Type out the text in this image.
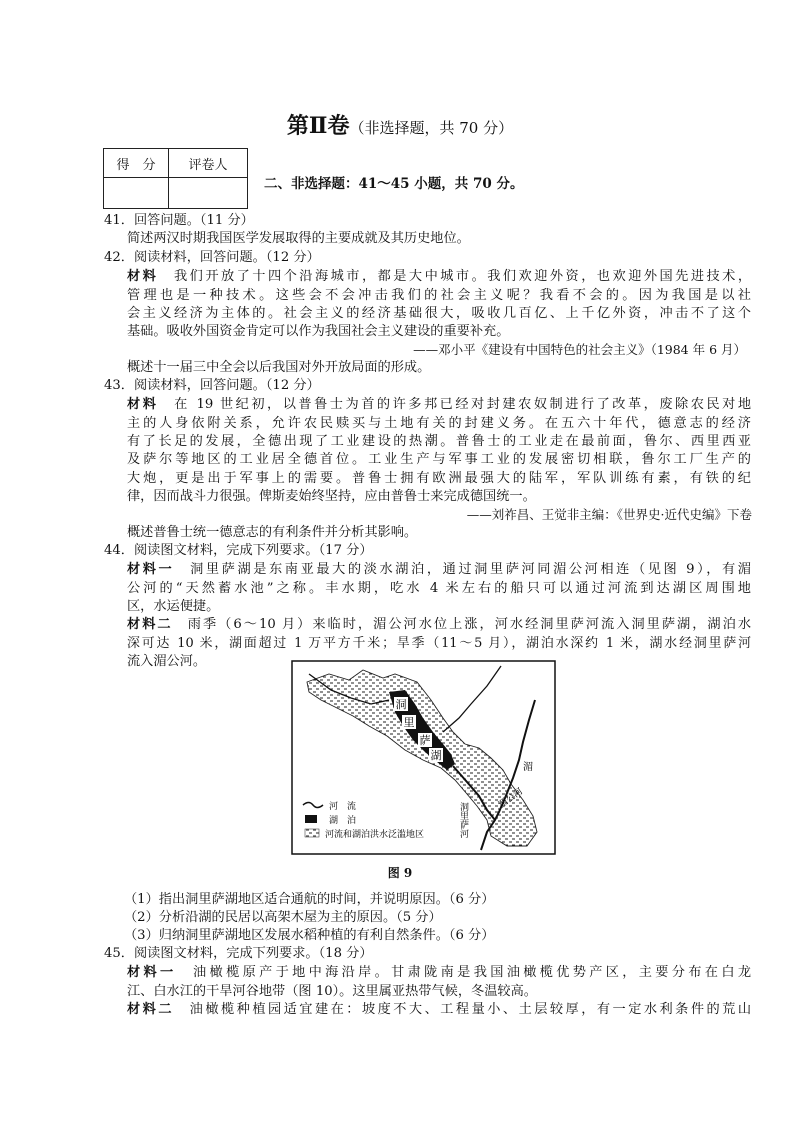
第Ⅱ卷（非选择题，共 70 分）
得　分	评卷人

二、非选择题：41～45 小题，共 70 分。
41．回答问题。（11 分）
简述两汉时期我国医学发展取得的主要成就及其历史地位。
42．阅读材料，回答问题。（12 分）
材料　 我们开放了十四个沿海城市，都是大中城市。我们欢迎外资，也欢迎外国先进技术，
管理也是一种技术。这些会不会冲击我们的社会主义呢？我看不会的。因为我国是以社
会主义经济为主体的。社会主义的经济基础很大，吸收几百亿、上千亿外资，冲击不了这个
基础。吸收外国资金肯定可以作为我国社会主义建设的重要补充。
——邓小平《建设有中国特色的社会主义》（1984 年 6 月）
概述十一届三中全会以后我国对外开放局面的形成。
43．阅读材料，回答问题。（12 分）
材料　 在 19 世纪初，以普鲁士为首的许多邦已经对封建农奴制进行了改革，废除农民对地
主的人身依附关系，允许农民赎买与土地有关的封建义务。在五六十年代，德意志的经济
有了长足的发展，全德出现了工业建设的热潮。普鲁士的工业走在最前面，鲁尔、西里西亚
及萨尔等地区的工业居全德首位。工业生产与军事工业的发展密切相联，鲁尔工厂生产的
大炮，更是出于军事上的需要。普鲁士拥有欧洲最强大的陆军，军队训练有素，有铁的纪
律，因而战斗力很强。俾斯麦始终坚持，应由普鲁士来完成德国统一。
——刘祚昌、王觉非主编：《世界史·近代史编》下卷
概述普鲁士统一德意志的有利条件并分析其影响。
44．阅读图文材料，完成下列要求。（17 分）
材料一　 洞里萨湖是东南亚最大的淡水湖泊，通过洞里萨河同湄公河相连（见图 9），有湄
公河的“天然蓄水池”之称。丰水期，吃水 4 米左右的船只可以通过河流到达湖区周围地
区，水运便捷。
材料二　 雨季（6～10 月）来临时，湄公河水位上涨，河水经洞里萨河流入洞里萨湖，湖泊水
深可达 10 米，湖面超过 1 万平方千米；旱季（11～5 月），湖泊水深约 1 米，湖水经洞里萨河
流入湄公河。
洞
里
萨
湖
湄
洞里萨河
湄公河
河　流
湖　泊
河流和湖泊洪水泛滥地区
图 9
（1）指出洞里萨湖地区适合通航的时间，并说明原因。（6 分）
（2）分析沿湖的民居以高架木屋为主的原因。（5 分）
（3）归纳洞里萨湖地区发展水稻种植的有利自然条件。（6 分）
45．阅读图文材料，完成下列要求。（18 分）
材料一　 油橄榄原产于地中海沿岸。甘肃陇南是我国油橄榄优势产区，主要分布在白龙
江、白水江的干旱河谷地带（图 10）。这里属亚热带气候，冬温较高。
材料二　 油橄榄种植园适宜建在：坡度不大、工程量小、土层较厚，有一定水利条件的荒山
